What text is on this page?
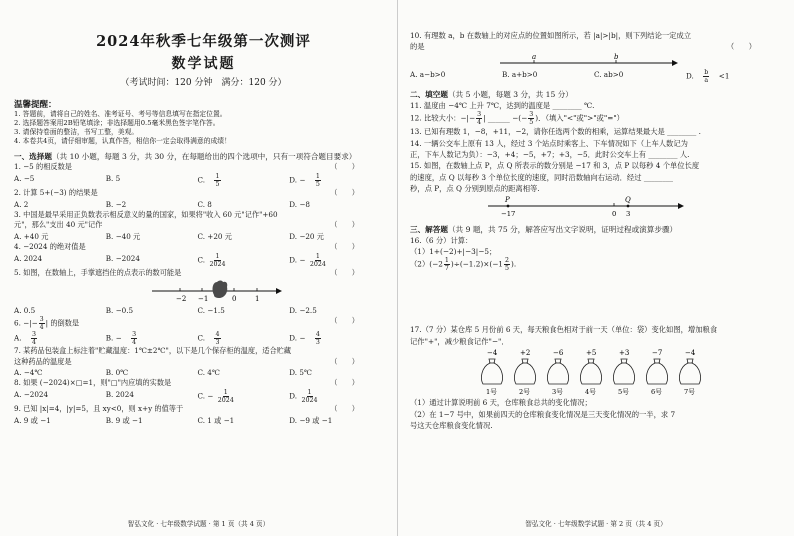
2024年秋季七年级第一次测评
数学试题
（考试时间：120 分钟　满分：120 分）
温馨提醒：
1. 答题前，请将自己的姓名、准考证号、考号等信息填写在指定位置。
2. 选择题答案用2B铅笔填涂；非选择题用0.5毫米黑色签字笔作答。
3. 请保持卷面的整洁，书写工整，美观。
4. 本卷共4页，请仔细审题，认真作答，相信你一定会取得满意的成绩！
一、选择题（共 10 小题，每题 3 分，共 30 分，在每题给出的四个选项中，只有一项符合题目要求）
1. −5 的相反数是	（　　）
A. −5	B. 5	C. $\frac{1}{5}$	D. − $\frac{1}{5}$
2. 计算 5+(−3) 的结果是	（　　）
A. 2	B. −2	C. 8	D. −8
3. 中国是最早采用正负数表示相反意义的量的国家，如果将"收入 60 元"记作"+60
元"，那么"支出 40 元"记作	（　　）
A. +40 元	B. −40 元	C. +20 元	D. −20 元
4. −2024 的绝对值是	（　　）
A. 2024	B. −2024	C. $\frac{1}{2024}$	D. − $\frac{1}{2024}$
5. 如图，在数轴上，手掌遮挡住的点表示的数可能是	（　　）
−2 −1	0	1
A. 0.5	B. −0.5	C. −1.5	D. −2.5
6. −|− $\frac{3}{4}$ | 的倒数是	（　　）
A. $\frac{3}{4}$	B. − $\frac{3}{4}$	C. $\frac{4}{3}$	D. − $\frac{4}{3}$
7. 某药品包装盒上标注着"贮藏温度：1℃±2℃"，以下是几个保存柜的温度，适合贮藏
这种药品的温度是	（　　）
A. −4℃	B. 0℃	C. 4℃	D. 5℃
8. 如果 (−2024)×□=1，则"□"内应填的实数是	（　　）
A. −2024	B. 2024	C. − $\frac{1}{2024}$	D. $\frac{1}{2024}$
9. 已知 |x|=4，|y|=5，且 xy<0，则 x+y 的值等于	（　　）
A. 9 或 −1	B. 9 或 −1	C. 1 或 −1	D. −9 或 −1
智弘文化 · 七年级数学试题 · 第 1 页（共 4 页）
10. 有理数 a，b 在数轴上的对应点的位置如图所示，若 |a|>|b|，则下列结论一定成立
的是	（　　）
a	b
A. a−b>0	B. a+b>0	C. ab>0	D. $\frac{b}{a} <1$
二、填空题（共 5 小题，每题 3 分，共 15 分）
11. 温度由 −4℃ 上升 7℃，达到的温度是 ________ ℃.
12. 比较大小：−|− $\frac{3}{4}$ | ______ −(− $\frac{3}{5}$ )．（填入"<"或">"或"="）
13. 已知有理数 1，−8，+11，−2，请你任选两个数的相乘，运算结果最大是 ________ .
14. 一辆公交车上原有 13 人，经过 3 个站点时乘客上、下车情况如下（上车人数记为
正，下车人数记为负）：−3，+4；−5，+7；+3，−5．此时公交车上有 ________ 人.
15. 如图，在数轴上点 P，点 Q 所表示的数分别是 −17 和 3，点 P 以每秒 4 个单位长度
的速度，点 Q 以每秒 3 个单位长度的速度，同时沿数轴向右运动．经过 ________
秒，点 P，点 Q 分别到原点的距离相等.
P	Q
−17	0 3
三、解答题（共 9 题，共 75 分，解答应写出文字说明，证明过程或演算步骤）
16.（6 分）计算：
（1）1+(−2)+|−3|−5；
$(2)(-2 \frac{1}{7} )\div(-1.2)\times(-1 \frac{2}{5}$ ).
17.（7 分）某仓库 5 月份前 6 天，每天粮食色相对于前一天（单位：袋）变化如图，增加粮食
记作"+"，减少粮食记作"−"．
−4
1号
+2
2号
−6
3号
+5
4号
+3
5号
−7
6号
−4
7号
（1）通过计算说明前 6 天，仓库粮食总共的变化情况；
（2）在 1−7 号中，如果前四天的仓库粮食变化情况是三天变化情况的一半，求 7
号这天仓库粮食变化情况.
智弘文化 · 七年级数学试题 · 第 2 页（共 4 页）
